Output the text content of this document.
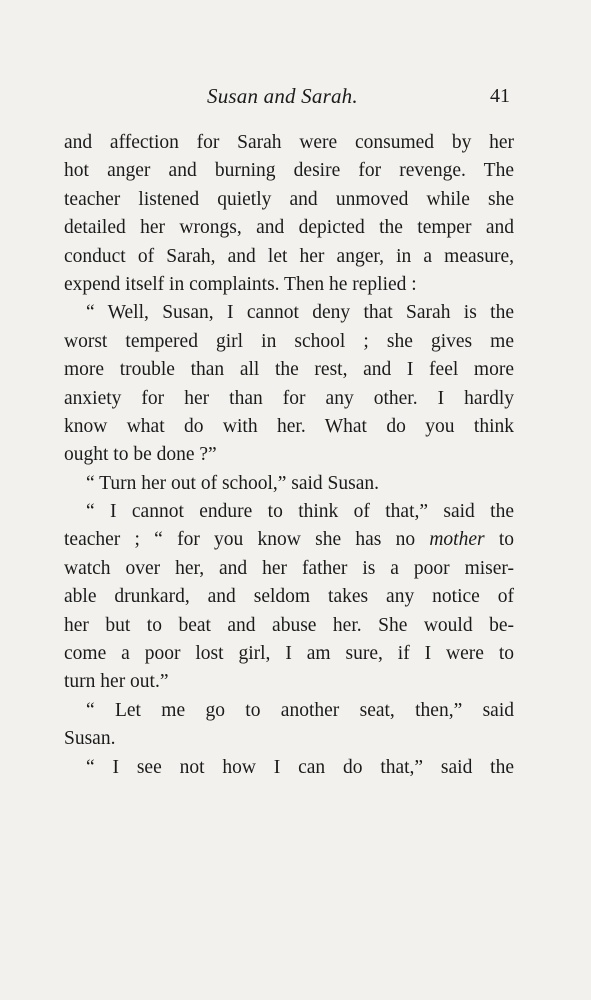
Susan and Sarah.	41
and affection for Sarah were consumed by her
hot anger and burning desire for revenge. The
teacher listened quietly and unmoved while she
detailed her wrongs, and depicted the temper and
conduct of Sarah, and let her anger, in a measure,
expend itself in complaints. Then he replied :
“ Well, Susan, I cannot deny that Sarah is the
worst tempered girl in school ; she gives me
more trouble than all the rest, and I feel more
anxiety for her than for any other. I hardly
know what do with her. What do you think
ought to be done ?”
“ Turn her out of school,” said Susan.
“ I cannot endure to think of that,” said the
teacher ; “ for you know she has no mother to
watch over her, and her father is a poor miser-
able drunkard, and seldom takes any notice of
her but to beat and abuse her. She would be-
come a poor lost girl, I am sure, if I were to
turn her out.”
“ Let me go to another seat, then,” said
Susan.
“ I see not how I can do that,” said the
